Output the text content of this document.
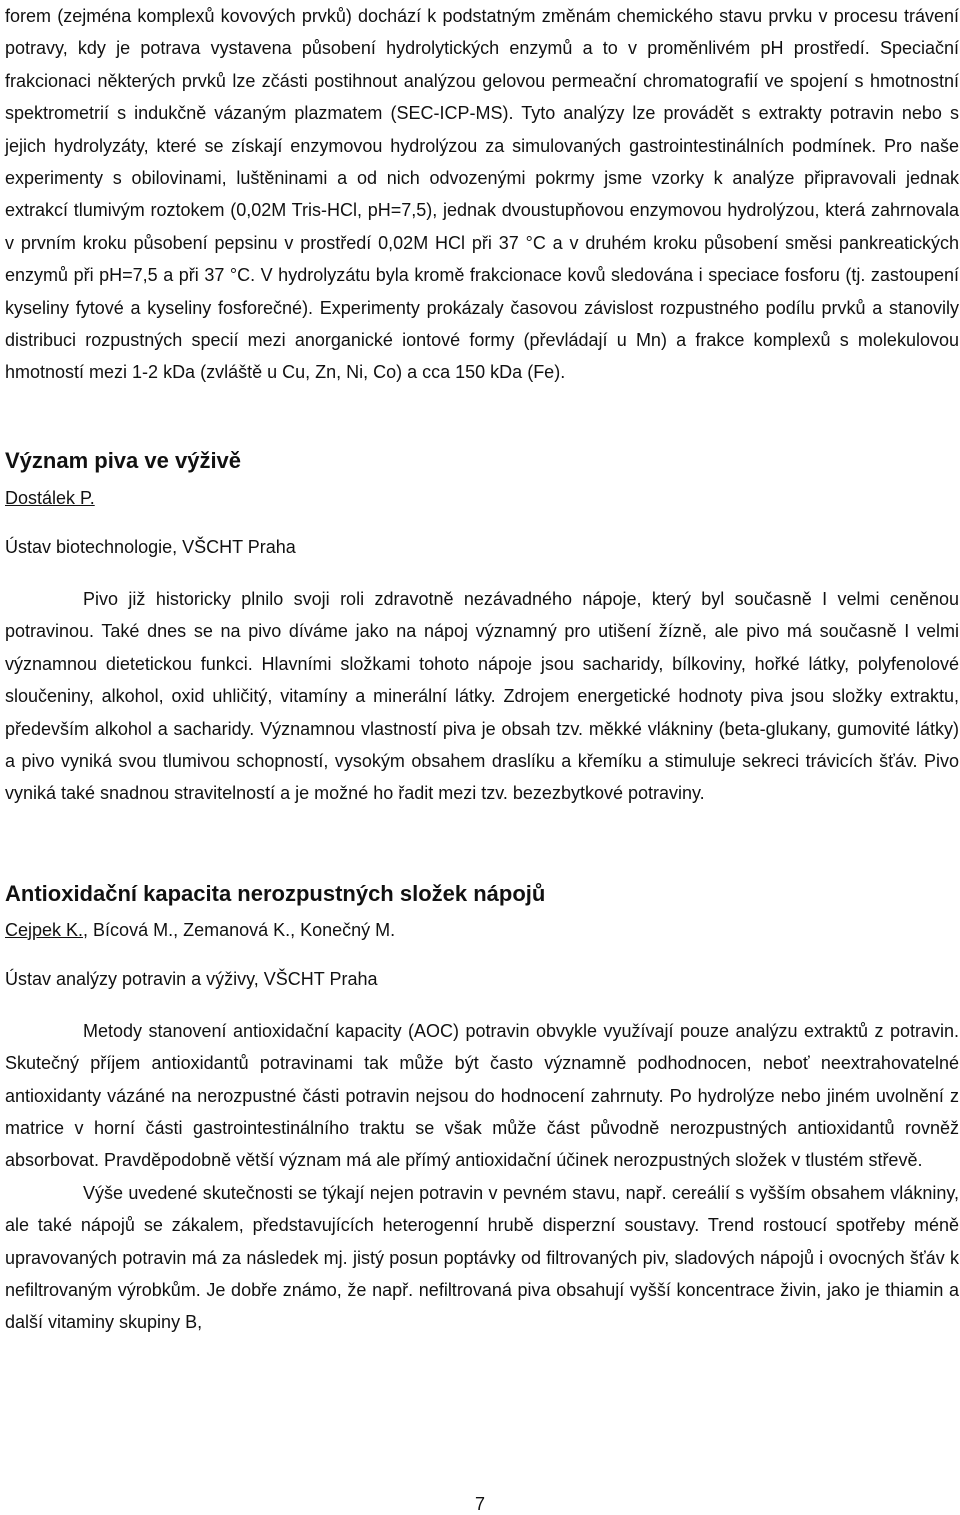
forem (zejména komplexů kovových prvků) dochází k podstatným změnám chemického stavu prvku v procesu trávení potravy, kdy je potrava vystavena působení hydrolytických enzymů a to v proměnlivém pH prostředí. Speciační frakcionaci některých prvků lze zčásti postihnout analýzou gelovou permeační chromatografií ve spojení s hmotnostní spektrometrií s indukčně vázaným plazmatem (SEC-ICP-MS). Tyto analýzy lze provádět s extrakty potravin nebo s jejich hydrolyzáty, které se získají enzymovou hydrolýzou za simulovaných gastrointestinálních podmínek. Pro naše experimenty s obilovinami, luštěninami a od nich odvozenými pokrmy jsme vzorky k analýze připravovali jednak extrakcí tlumivým roztokem (0,02M Tris-HCl, pH=7,5), jednak dvoustupňovou enzymovou hydrolýzou, která zahrnovala v prvním kroku působení pepsinu v prostředí 0,02M HCl při 37 °C a v druhém kroku působení směsi pankreatických enzymů při pH=7,5 a při 37 °C. V hydrolyzátu byla kromě frakcionace kovů sledována i speciace fosforu (tj. zastoupení kyseliny fytové a kyseliny fosforečné). Experimenty prokázaly časovou závislost rozpustného podílu prvků a stanovily distribuci rozpustných specií mezi anorganické iontové formy (převládají u Mn) a frakce komplexů s molekulovou hmotností mezi 1-2 kDa (zvláště u Cu, Zn, Ni, Co) a cca 150 kDa (Fe).

Význam piva ve výživě

Dostálek P.

Ústav biotechnologie, VŠCHT Praha

Pivo již historicky plnilo svoji roli zdravotně nezávadného nápoje, který byl současně I velmi ceněnou potravinou. Také dnes se na pivo díváme jako na nápoj významný pro utišení žízně, ale pivo má současně I velmi významnou dietetickou funkci. Hlavními složkami tohoto nápoje jsou sacharidy, bílkoviny, hořké látky, polyfenolové sloučeniny, alkohol, oxid uhličitý, vitamíny a minerální látky. Zdrojem energetické hodnoty piva jsou složky extraktu, především alkohol a sacharidy. Významnou vlastností piva je obsah tzv. měkké vlákniny (beta-glukany, gumovité látky) a pivo vyniká svou tlumivou schopností, vysokým obsahem draslíku a křemíku a stimuluje sekreci trávicích šťáv. Pivo vyniká také snadnou stravitelností a je možné ho řadit mezi tzv. bezezbytkové potraviny.

Antioxidační kapacita nerozpustných složek nápojů

Cejpek K., Bícová M., Zemanová K., Konečný M.

Ústav analýzy potravin a výživy, VŠCHT Praha

Metody stanovení antioxidační kapacity (AOC) potravin obvykle využívají pouze analýzu extraktů z potravin. Skutečný příjem antioxidantů potravinami tak může být často významně podhodnocen, neboť neextrahovatelné antioxidanty vázáné na nerozpustné části potravin nejsou do hodnocení zahrnuty. Po hydrolýze nebo jiném uvolnění z matrice v horní části gastrointestinálního traktu se však může část původně nerozpustných antioxidantů rovněž absorbovat. Pravděpodobně větší význam má ale přímý antioxidační účinek nerozpustných složek v tlustém střevě.

Výše uvedené skutečnosti se týkají nejen potravin v pevném stavu, např. cereálií s vyšším obsahem vlákniny, ale také nápojů se zákalem, představujících heterogenní hrubě disperzní soustavy. Trend rostoucí spotřeby méně upravovaných potravin má za následek mj. jistý posun poptávky od filtrovaných piv, sladových nápojů i ovocných šťáv k nefiltrovaným výrobkům. Je dobře známo, že např. nefiltrovaná piva obsahují vyšší koncentrace živin, jako je thiamin a další vitaminy skupiny B,

7
